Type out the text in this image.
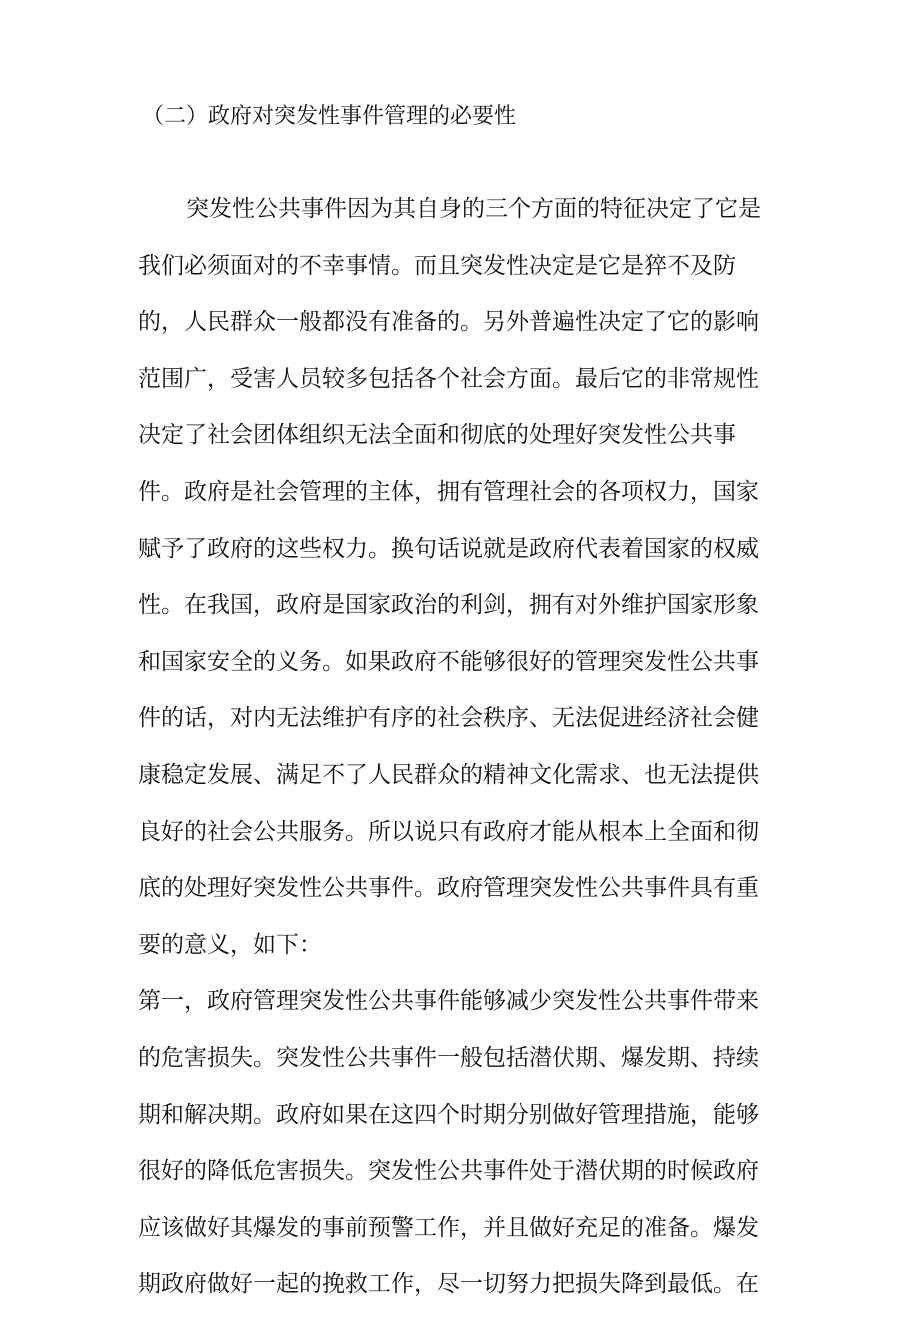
（二）政府对突发性事件管理的必要性
突发性公共事件因为其自身的三个方面的特征决定了它是
我们必须面对的不幸事情。而且突发性决定是它是猝不及防
的，人民群众一般都没有准备的。另外普遍性决定了它的影响
范围广，受害人员较多包括各个社会方面。最后它的非常规性
决定了社会团体组织无法全面和彻底的处理好突发性公共事
件。政府是社会管理的主体，拥有管理社会的各项权力，国家
赋予了政府的这些权力。换句话说就是政府代表着国家的权威
性。在我国，政府是国家政治的利剑，拥有对外维护国家形象
和国家安全的义务。如果政府不能够很好的管理突发性公共事
件的话，对内无法维护有序的社会秩序、无法促进经济社会健
康稳定发展、满足不了人民群众的精神文化需求、也无法提供
良好的社会公共服务。所以说只有政府才能从根本上全面和彻
底的处理好突发性公共事件。政府管理突发性公共事件具有重
要的意义，如下：
第一，政府管理突发性公共事件能够减少突发性公共事件带来
的危害损失。突发性公共事件一般包括潜伏期、爆发期、持续
期和解决期。政府如果在这四个时期分别做好管理措施，能够
很好的降低危害损失。突发性公共事件处于潜伏期的时候政府
应该做好其爆发的事前预警工作，并且做好充足的准备。爆发
期政府做好一起的挽救工作，尽一切努力把损失降到最低。在
